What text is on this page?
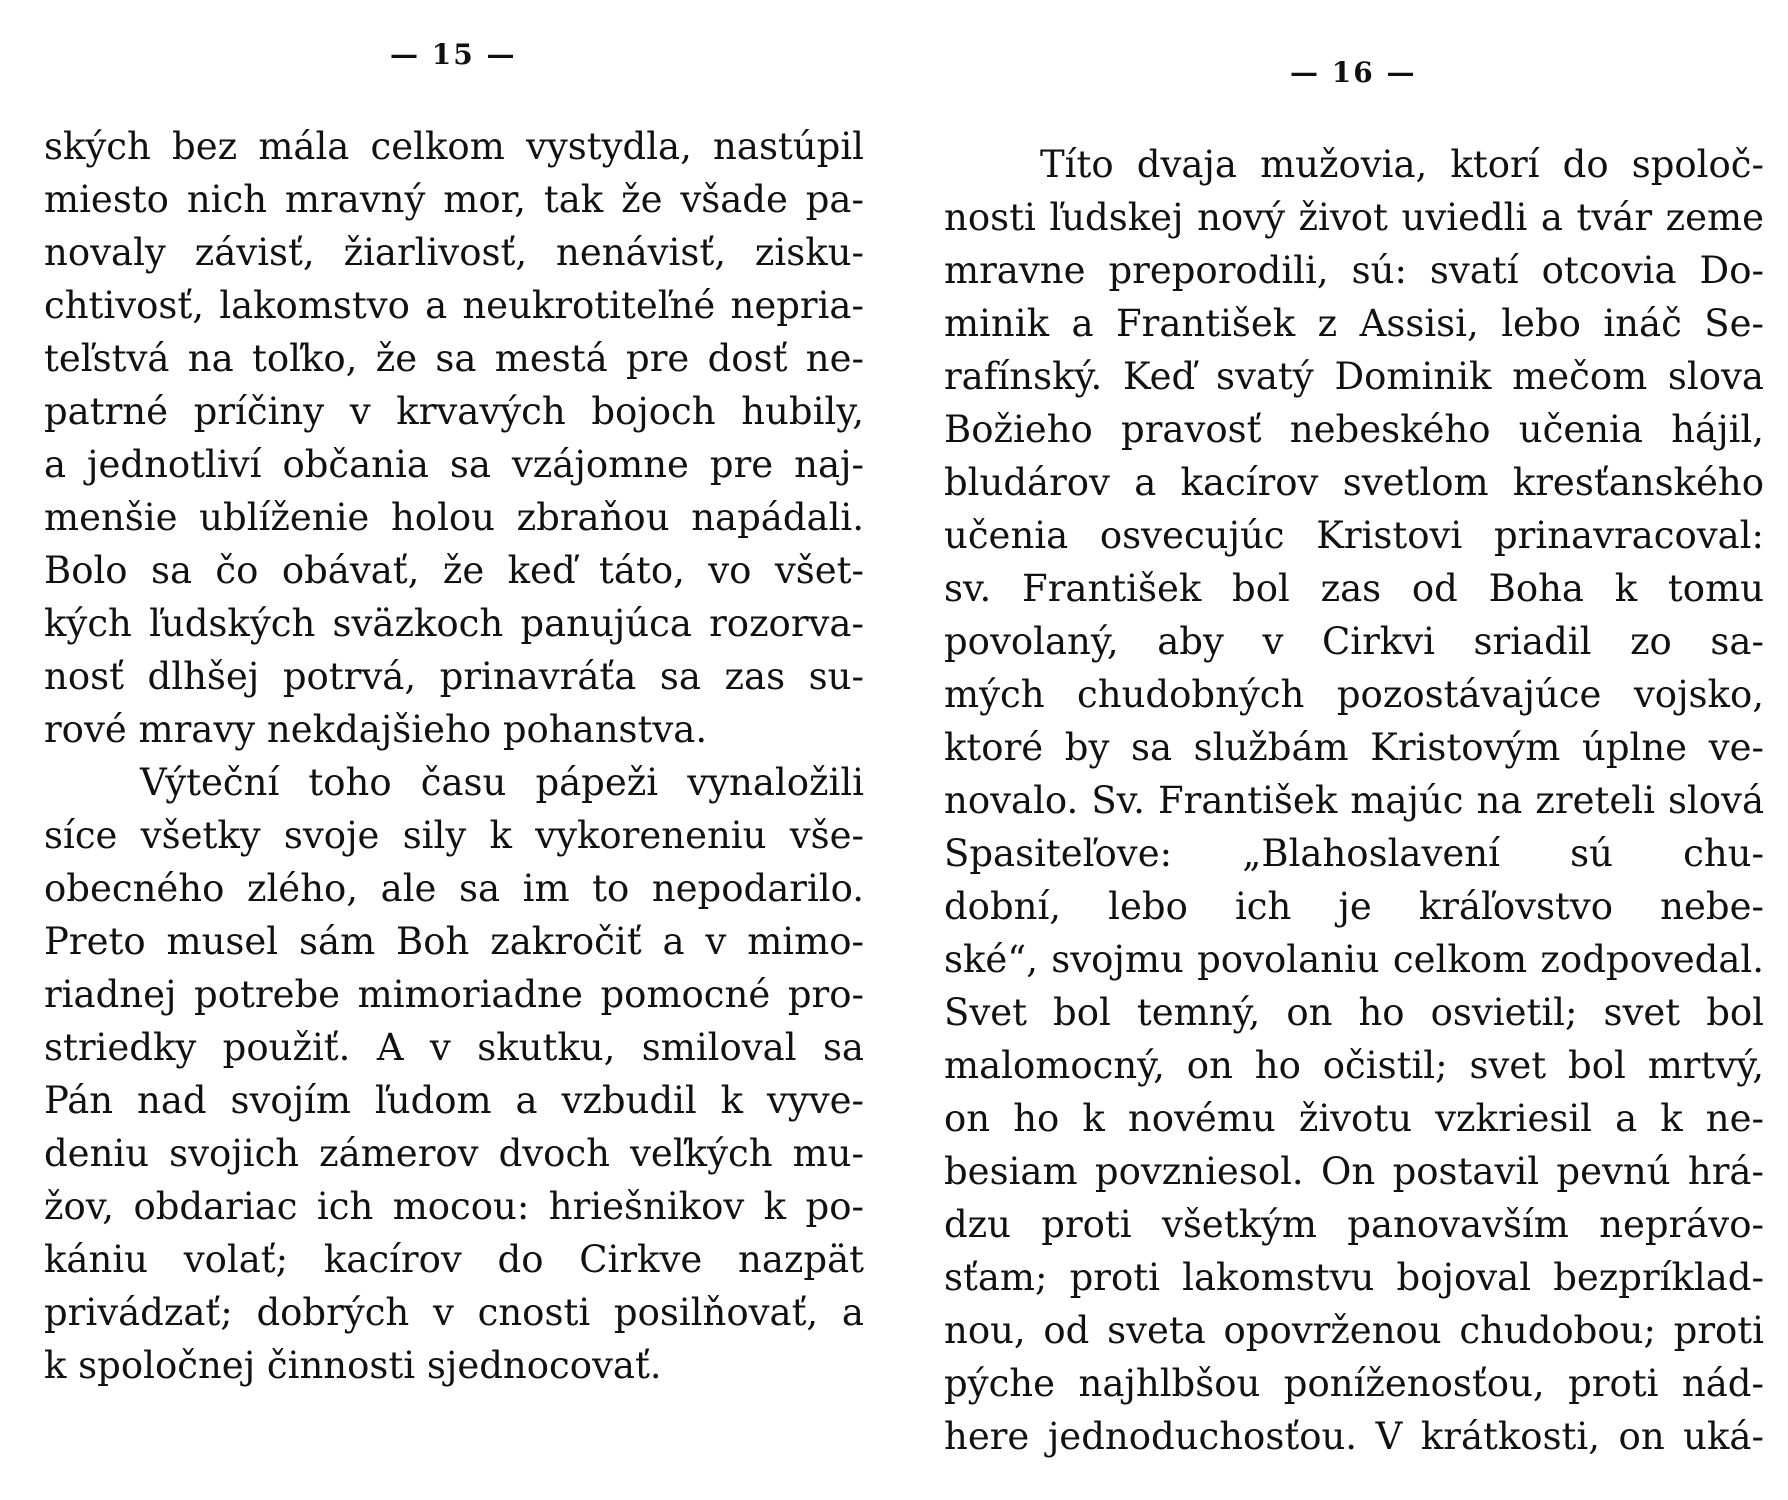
— 15 —
ských bez mála celkom vystydla, nastúpil
miesto nich mravný mor, tak že všade pa-
novaly závisť, žiarlivosť, nenávisť, zisku-
chtivosť, lakomstvo a neukrotiteľné nepria-
teľstvá na toľko, že sa mestá pre dosť ne-
patrné príčiny v krvavých bojoch hubily,
a jednotliví občania sa vzájomne pre naj-
menšie ublíženie holou zbraňou napádali.
Bolo sa čo obávať, že keď táto, vo všet-
kých ľudských sväzkoch panujúca rozorva-
nosť dlhšej potrvá, prinavráťa sa zas su-
rové mravy nekdajšieho pohanstva.
Výteční toho času pápeži vynaložili
síce všetky svoje sily k vykoreneniu vše-
obecného zlého, ale sa im to nepodarilo.
Preto musel sám Boh zakročiť a v mimo-
riadnej potrebe mimoriadne pomocné pro-
striedky použiť. A v skutku, smiloval sa
Pán nad svojím ľudom a vzbudil k vyve-
deniu svojich zámerov dvoch veľkých mu-
žov, obdariac ich mocou: hriešnikov k po-
kániu volať; kacírov do Cirkve nazpät
privádzať; dobrých v cnosti posilňovať, a
k spoločnej činnosti sjednocovať.
— 16 —
Títo dvaja mužovia, ktorí do spoloč-
nosti ľudskej nový život uviedli a tvár zeme
mravne preporodili, sú: svatí otcovia Do-
minik a František z Assisi, lebo ináč Se-
rafínský. Keď svatý Dominik mečom slova
Božieho pravosť nebeského učenia hájil,
bludárov a kacírov svetlom kresťanského
učenia osvecujúc Kristovi prinavracoval:
sv. František bol zas od Boha k tomu
povolaný, aby v Cirkvi sriadil zo sa-
mých chudobných pozostávajúce vojsko,
ktoré by sa službám Kristovým úplne ve-
novalo. Sv. František majúc na zreteli slová
Spasiteľove: „Blahoslavení sú chu-
dobní, lebo ich je kráľovstvo nebe-
ské“, svojmu povolaniu celkom zodpovedal.
Svet bol temný, on ho osvietil; svet bol
malomocný, on ho očistil; svet bol mrtvý,
on ho k novému životu vzkriesil a k ne-
besiam povzniesol. On postavil pevnú hrá-
dzu proti všetkým panovavším neprávo-
sťam; proti lakomstvu bojoval bezpríklad-
nou, od sveta opovrženou chudobou; proti
pýche najhlbšou poníženosťou, proti nád-
here jednoduchosťou. V krátkosti, on uká-
